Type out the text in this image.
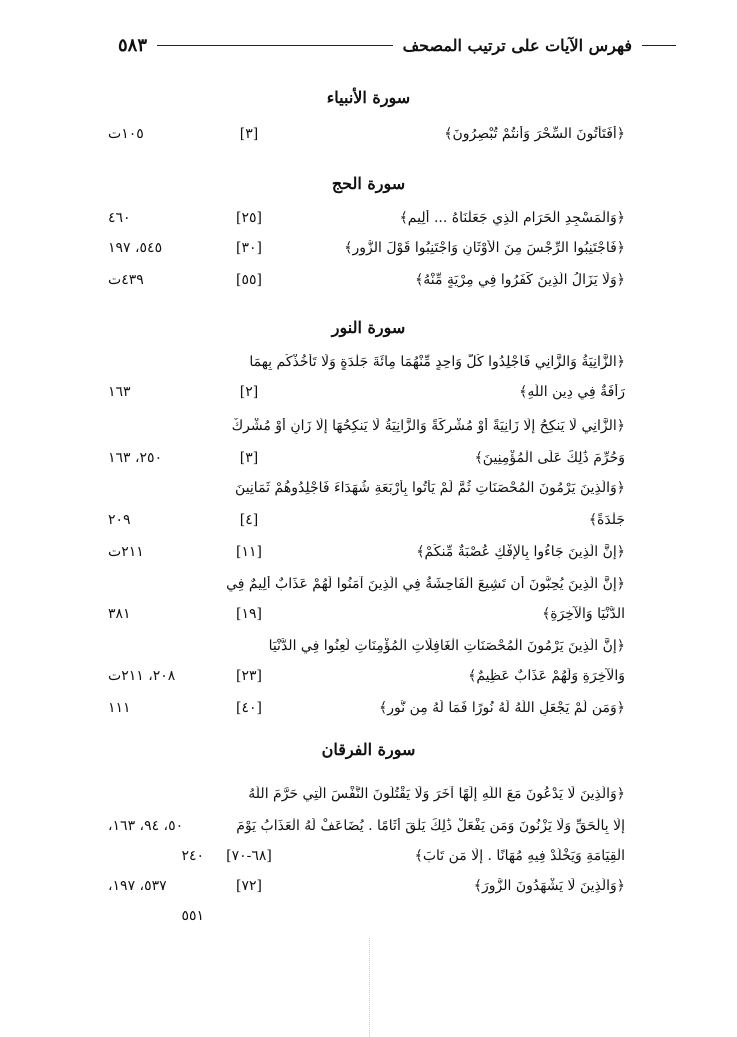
فهرس الآيات على ترتيب المصحف
٥٨٣
سورة الأنبياء
﴿أَفَتَأْتُونَ السِّحْرَ وَأَنتُمْ تُبْصِرُونَ﴾
[٣]
١٠٥ت
سورة الحج
﴿وَالْمَسْجِدِ الْحَرَامِ الَّذِي جَعَلْنَاهُ ... أَلِيمٍ﴾
[٢٥]
٤٦٠
﴿فَاجْتَنِبُوا الرِّجْسَ مِنَ الْأَوْثَانِ وَاجْتَنِبُوا قَوْلَ الزُّورِ﴾
[٣٠]
٥٤٥، ١٩٧
﴿وَلَا يَزَالُ الَّذِينَ كَفَرُوا فِي مِرْيَةٍ مِّنْهُ﴾
[٥٥]
٤٣٩ت
سورة النور
﴿الزَّانِيَةُ وَالزَّانِي فَاجْلِدُوا كُلَّ وَاحِدٍ مِّنْهُمَا مِائَةَ جَلْدَةٍ وَلَا تَأْخُذْكُم بِهِمَا
رَأْفَةٌ فِي دِينِ اللَّهِ﴾
[٢]
١٦٣
﴿الزَّانِي لَا يَنكِحُ إِلَّا زَانِيَةً أَوْ مُشْرِكَةً وَالزَّانِيَةُ لَا يَنكِحُهَا إِلَّا زَانٍ أَوْ مُشْرِكٌ
وَحُرِّمَ ذَٰلِكَ عَلَى الْمُؤْمِنِينَ﴾
[٣]
٢٥٠، ١٦٣
﴿وَالَّذِينَ يَرْمُونَ الْمُحْصَنَاتِ ثُمَّ لَمْ يَأْتُوا بِأَرْبَعَةِ شُهَدَاءَ فَاجْلِدُوهُمْ ثَمَانِينَ
جَلْدَةً﴾
[٤]
٢٠٩
﴿إِنَّ الَّذِينَ جَاءُوا بِالْإِفْكِ عُصْبَةٌ مِّنكُمْ﴾
[١١]
٢١١ت
﴿إِنَّ الَّذِينَ يُحِبُّونَ أَن تَشِيعَ الْفَاحِشَةُ فِي الَّذِينَ آمَنُوا لَهُمْ عَذَابٌ أَلِيمٌ فِي
الدُّنْيَا وَالْآخِرَةِ﴾
[١٩]
٣٨١
﴿إِنَّ الَّذِينَ يَرْمُونَ الْمُحْصَنَاتِ الْغَافِلَاتِ الْمُؤْمِنَاتِ لُعِنُوا فِي الدُّنْيَا
وَالْآخِرَةِ وَلَهُمْ عَذَابٌ عَظِيمٌ﴾
[٢٣]
٢٠٨، ٢١١ت
﴿وَمَن لَّمْ يَجْعَلِ اللَّهُ لَهُ نُورًا فَمَا لَهُ مِن نُّورٍ﴾
[٤٠]
١١١
سورة الفرقان
﴿وَالَّذِينَ لَا يَدْعُونَ مَعَ اللَّهِ إِلَٰهًا آخَرَ وَلَا يَقْتُلُونَ النَّفْسَ الَّتِي حَرَّمَ اللَّهُ
إِلَّا بِالْحَقِّ وَلَا يَزْنُونَ وَمَن يَفْعَلْ ذَٰلِكَ يَلْقَ أَثَامًا . يُضَاعَفْ لَهُ الْعَذَابُ يَوْمَ
٥٠، ٩٤، ١٦٣،
الْقِيَامَةِ وَيَخْلُدْ فِيهِ مُهَانًا . إِلَّا مَن تَابَ﴾
[٦٨-٧٠]
٢٤٠
﴿وَالَّذِينَ لَا يَشْهَدُونَ الزُّورَ﴾
[٧٢]
٥٣٧، ١٩٧،
٥٥١
